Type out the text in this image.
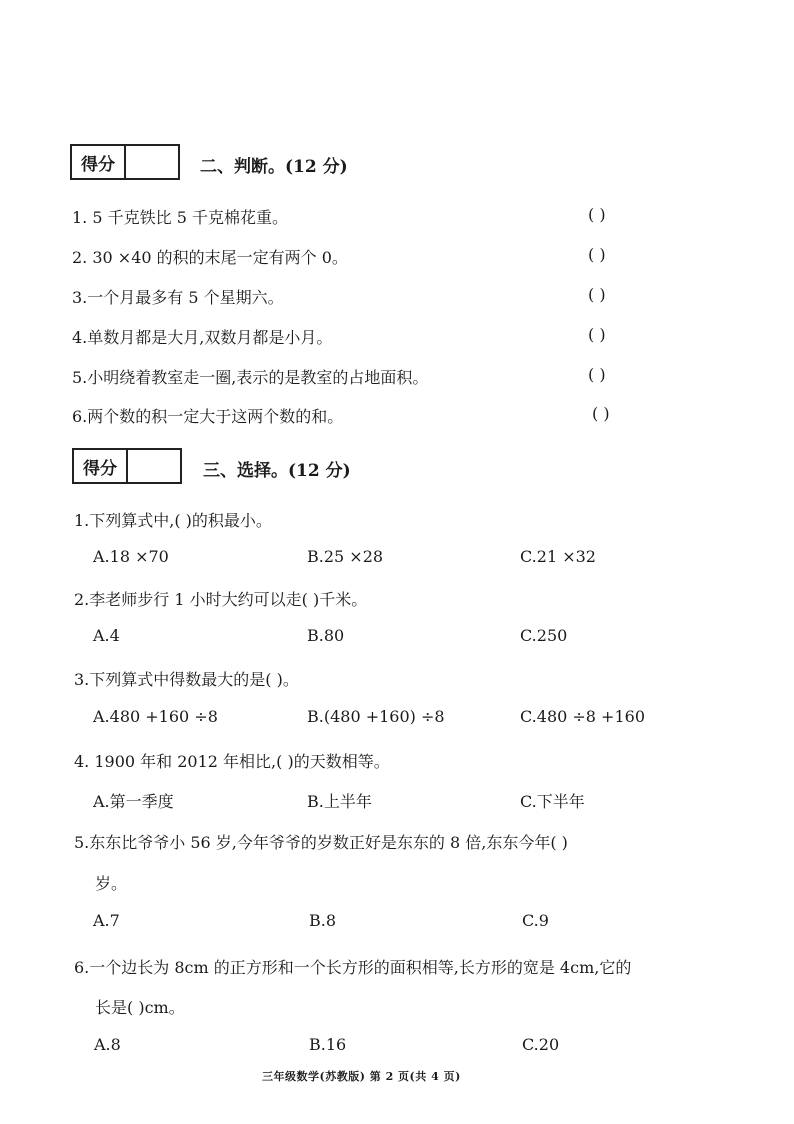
得分	二、判断。(12 分)
1. 5 千克铁比 5 千克棉花重。	( )
2. 30 ×40 的积的末尾一定有两个 0。	( )
3.一个月最多有 5 个星期六。	( )
4.单数月都是大月,双数月都是小月。	( )
5.小明绕着教室走一圈,表示的是教室的占地面积。	( )
6.两个数的积一定大于这两个数的和。	( )
得分	三、选择。(12 分)
1.下列算式中,( )的积最小。
A.18 ×70	B.25 ×28	C.21 ×32
2.李老师步行 1 小时大约可以走( )千米。
A.4	B.80	C.250
3.下列算式中得数最大的是( )。
A.480 +160 ÷8	B.(480 +160) ÷8	C.480 ÷8 +160
4. 1900 年和 2012 年相比,( )的天数相等。
A.第一季度	B.上半年	C.下半年
5.东东比爷爷小 56 岁,今年爷爷的岁数正好是东东的 8 倍,东东今年( )
岁。
A.7	B.8	C.9
6.一个边长为 8cm 的正方形和一个长方形的面积相等,长方形的宽是 4cm,它的
长是( )cm。
A.8	B.16	C.20
三年级数学(苏教版) 第 2 页(共 4 页)
